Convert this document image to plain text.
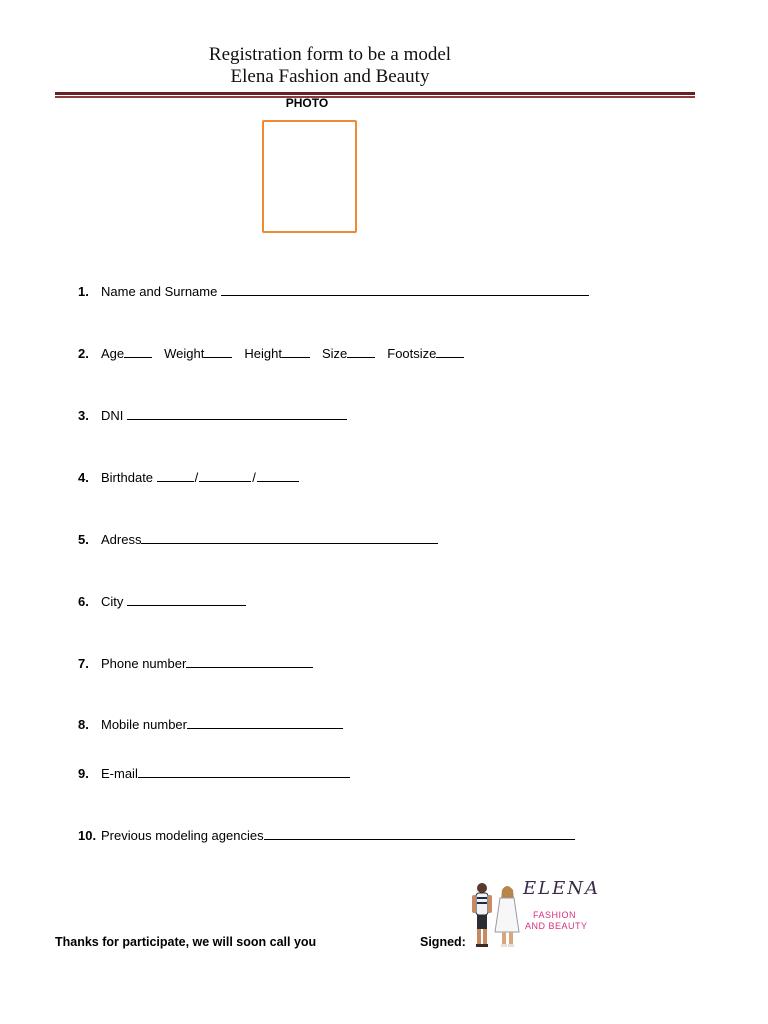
Registration form to be a model
Elena Fashion and Beauty
PHOTO
1. Name and Surname
2. Age	Weight	Height	Size	Footsize
3. DNI
4. Birthdate	/	/
5. Adress
6. City
7. Phone number
8. Mobile number
9. E-mail
10. Previous modeling agencies
Thanks for participate, we will soon call you	Signed:
ELENA
FASHION
AND BEAUTY
